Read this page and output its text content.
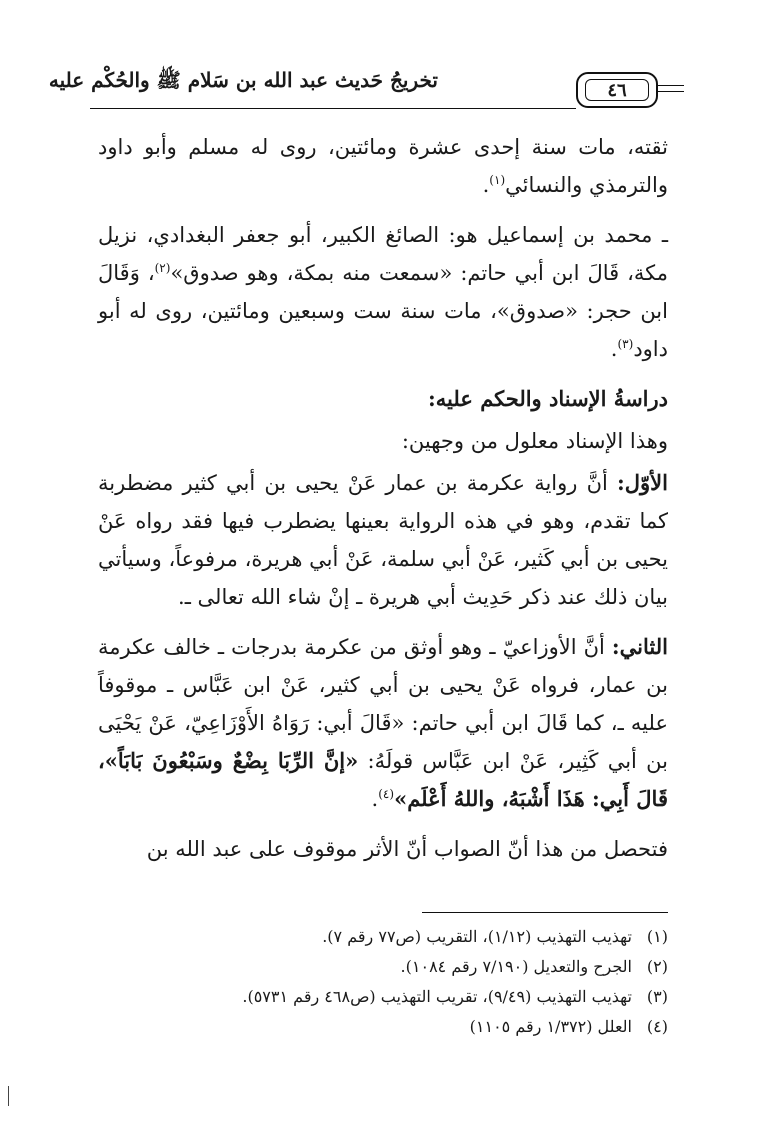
تخريجُ حَديث عبد الله بن سَلام ﷺ والحُكْم عليه	٤٦

ثقته، مات سنة إحدى عشرة ومائتين، روى له مسلم وأبو داود والترمذي والنسائي$^{(١)}$.

ـ محمد بن إسماعيل هو: الصائغ الكبير، أبو جعفر البغدادي، نزيل مكة، قَالَ ابن أبي حاتم: «سمعت منه بمكة، وهو صدوق»$^{(٢)}$، وَقَالَ ابن حجر: «صدوق»، مات سنة ست وسبعين ومائتين، روى له أبو داود$^{(٣)}$.

دراسةُ الإسناد والحكم عليه:

وهذا الإسناد معلول من وجهين:

الأوّل: أنَّ رواية عكرمة بن عمار عَنْ يحيى بن أبي كثير مضطربة كما تقدم، وهو في هذه الرواية بعينها يضطرب فيها فقد رواه عَنْ يحيى بن أبي كَثير، عَنْ أبي سلمة، عَنْ أبي هريرة، مرفوعاً، وسيأتي بيان ذلك عند ذكر حَدِيث أبي هريرة ـ إنْ شاء الله تعالى ـ.

الثاني: أنَّ الأوزاعيّ ـ وهو أوثق من عكرمة بدرجات ـ خالف عكرمة بن عمار، فرواه عَنْ يحيى بن أبي كثير، عَنْ ابن عَبَّاس ـ موقوفاً عليه ـ، كما قَالَ ابن أبي حاتم: «قَالَ أبي: رَوَاهُ الأَوْزَاعِيّ، عَنْ يَحْيَى بن أبي كَثِير، عَنْ ابن عَبَّاس قولَهُ: «إنَّ الرِّبَا بِضْعٌ وسَبْعُونَ بَابَاً»، قَالَ أَبِي: هَذَا أَشْبَهُ، واللهُ أَعْلَم»$^{(٤)}$.

فتحصل من هذا أنّ الصواب أنّ الأثر موقوف على عبد الله بن

(١)
تهذيب التهذيب (١/١٢)، التقريب (ص٧٧ رقم ٧).
(٢)
الجرح والتعديل (٧/١٩٠ رقم ١٠٨٤).
(٣)
تهذيب التهذيب (٩/٤٩)، تقريب التهذيب (ص٤٦٨ رقم ٥٧٣١).
(٤)
العلل (١/٣٧٢ رقم ١١٠٥)
